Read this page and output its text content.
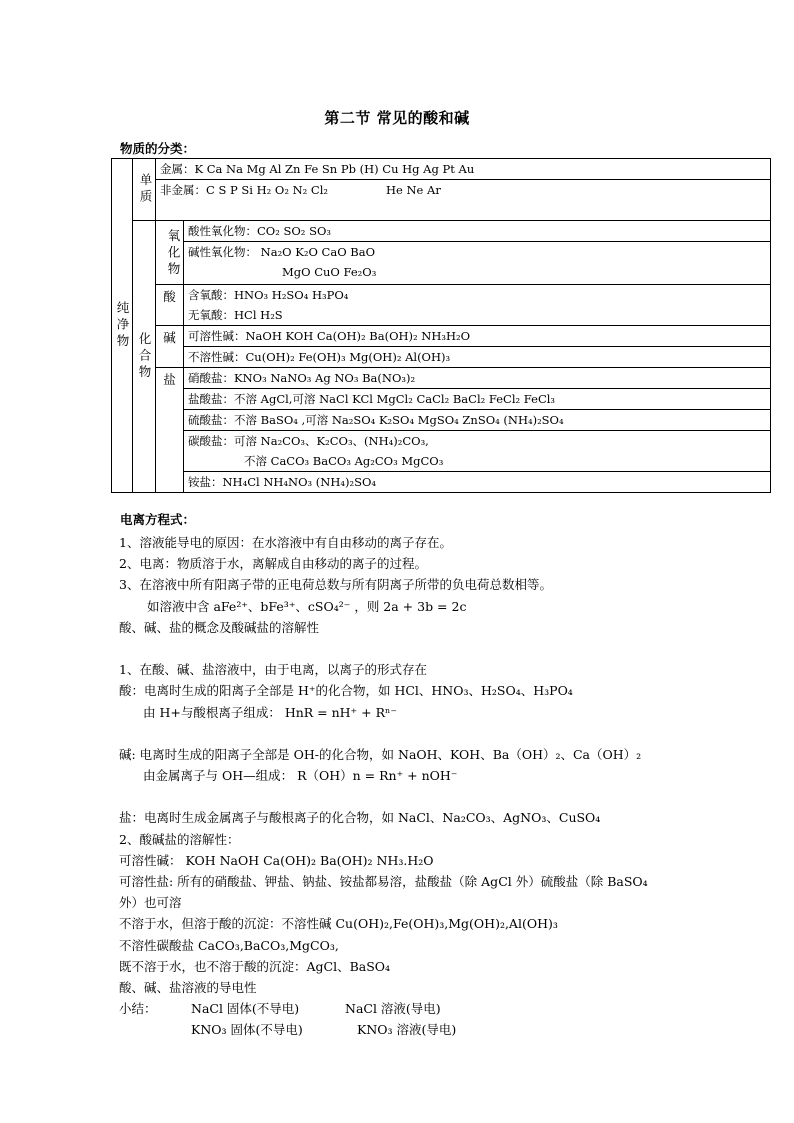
第二节 常见的酸和碱
物质的分类：
纯净物	单质	金属：K Ca Na Mg Al Zn Fe Sn Pb (H) Cu Hg Ag Pt Au	
		非金属：C S P Si H₂ O₂ N₂ Cl₂ He Ne Ar	
	化合物	氧化物	酸性氧化物：CO₂ SO₂ SO₃

			碱性氧化物： Na₂O K₂O CaO BaO
MgO CuO Fe₂O₃

		酸	含氧酸：HNO₃ H₂SO₄ H₃PO₄
			无氧酸：HCl H₂S
		碱	可溶性碱：NaOH KOH Ca(OH)₂ Ba(OH)₂ NH₃H₂O
			不溶性碱：Cu(OH)₂ Fe(OH)₃ Mg(OH)₂ Al(OH)₃
		盐	硝酸盐：KNO₃ NaNO₃ Ag NO₃ Ba(NO₃)₂
			盐酸盐：不溶 AgCl,可溶 NaCl KCl MgCl₂ CaCl₂ BaCl₂ FeCl₂ FeCl₃
			硫酸盐：不溶 BaSO₄ ,可溶 Na₂SO₄ K₂SO₄ MgSO₄ ZnSO₄ (NH₄)₂SO₄

			碳酸盐：可溶 Na₂CO₃、K₂CO₃、(NH₄)₂CO₃,
不溶 CaCO₃ BaCO₃ Ag₂CO₃ MgCO₃

			铵盐：NH₄Cl NH₄NO₃ (NH₄)₂SO₄
电离方程式：
1、溶液能导电的原因：在水溶液中有自由移动的离子存在。
2、电离：物质溶于水，离解成自由移动的离子的过程。
3、在溶液中所有阳离子带的正电荷总数与所有阴离子所带的负电荷总数相等。
如溶液中含 aFe²⁺、bFe³⁺、cSO₄²⁻ ，则 2a + 3b = 2c
酸、碱、盐的概念及酸碱盐的溶解性
1、在酸、碱、盐溶液中，由于电离，以离子的形式存在
酸：电离时生成的阳离子全部是 H⁺的化合物，如 HCl、HNO₃、H₂SO₄、H₃PO₄
由 H+与酸根离子组成： HnR = nH⁺ + Rⁿ⁻
碱: 电离时生成的阳离子全部是 OH-的化合物，如 NaOH、KOH、Ba（OH）₂、Ca（OH）₂
由金属离子与 OH—组成： R（OH）n = Rn⁺ + nOH⁻
盐：电离时生成金属离子与酸根离子的化合物，如 NaCl、Na₂CO₃、AgNO₃、CuSO₄
2、酸碱盐的溶解性：
可溶性碱： KOH NaOH Ca(OH)₂ Ba(OH)₂ NH₃.H₂O
可溶性盐: 所有的硝酸盐、钾盐、钠盐、铵盐都易溶，盐酸盐（除 AgCl 外）硫酸盐（除 BaSO₄
外）也可溶
不溶于水，但溶于酸的沉淀：不溶性碱 Cu(OH)₂,Fe(OH)₃,Mg(OH)₂,Al(OH)₃
不溶性碳酸盐 CaCO₃,BaCO₃,MgCO₃,
既不溶于水，也不溶于酸的沉淀：AgCl、BaSO₄
酸、碱、盐溶液的导电性
小结：	NaCl 固体(不导电)	NaCl 溶液(导电)
KNO₃ 固体(不导电)	KNO₃ 溶液(导电)
